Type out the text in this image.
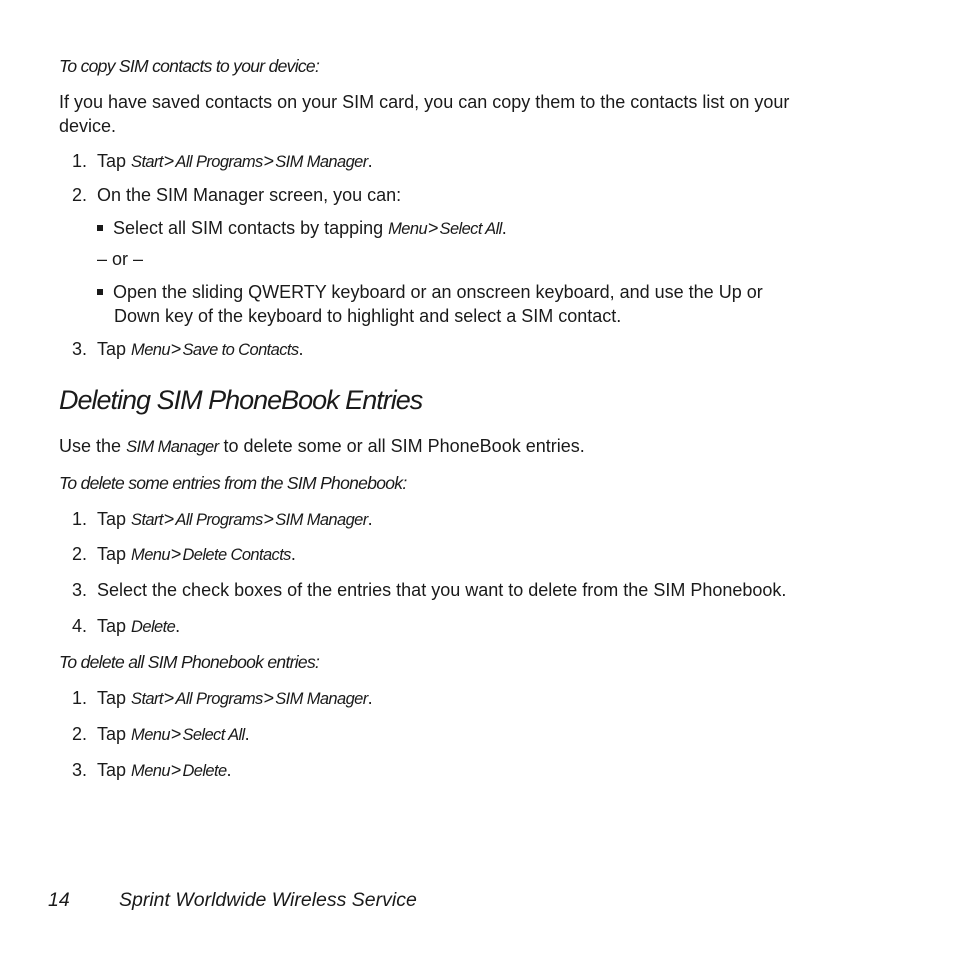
To copy SIM contacts to your device:
If you have saved contacts on your SIM card, you can copy them to the contacts list on your device.
1. Tap Start>All Programs>SIM Manager.
2. On the SIM Manager screen, you can:
Select all SIM contacts by tapping Menu>Select All.
– or –
Open the sliding QWERTY keyboard or an onscreen keyboard, and use the Up or
Down key of the keyboard to highlight and select a SIM contact.
3. Tap Menu>Save to Contacts.
Deleting SIM PhoneBook Entries
Use the SIM Manager to delete some or all SIM PhoneBook entries.
To delete some entries from the SIM Phonebook:
1. Tap Start>All Programs>SIM Manager.
2. Tap Menu>Delete Contacts.
3. Select the check boxes of the entries that you want to delete from the SIM Phonebook.
4. Tap Delete.
To delete all SIM Phonebook entries:
1. Tap Start>All Programs>SIM Manager.
2. Tap Menu>Select All.
3. Tap Menu>Delete.
14	Sprint Worldwide Wireless Service
